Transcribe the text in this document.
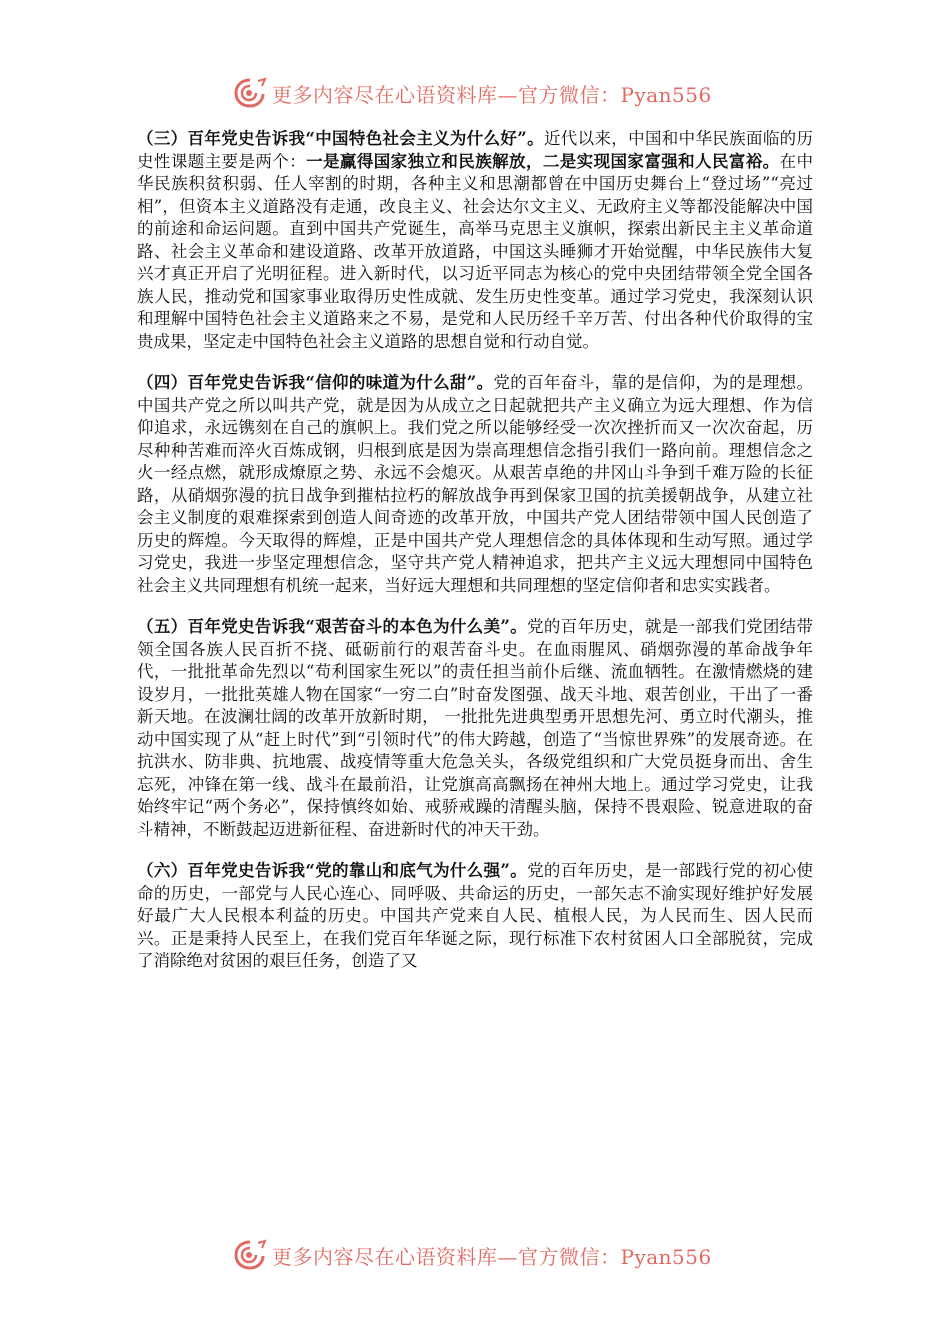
更多内容尽在心语资料库—官方微信：Pyan556

（三）百年党史告诉我“中国特色社会主义为什么好”。近代以来，中国和中华民族面临的历史性课题主要是两个：一是赢得国家独立和民族解放，二是实现国家富强和人民富裕。在中华民族积贫积弱、任人宰割的时期，各种主义和思潮都曾在中国历史舞台上“登过场”“亮过相”，但资本主义道路没有走通，改良主义、社会达尔文主义、无政府主义等都没能解决中国的前途和命运问题。直到中国共产党诞生，高举马克思主义旗帜，探索出新民主主义革命道路、社会主义革命和建设道路、改革开放道路，中国这头睡狮才开始觉醒，中华民族伟大复兴才真正开启了光明征程。进入新时代，以习近平同志为核心的党中央团结带领全党全国各族人民，推动党和国家事业取得历史性成就、发生历史性变革。通过学习党史，我深刻认识和理解中国特色社会主义道路来之不易，是党和人民历经千辛万苦、付出各种代价取得的宝贵成果，坚定走中国特色社会主义道路的思想自觉和行动自觉。

（四）百年党史告诉我“信仰的味道为什么甜”。党的百年奋斗，靠的是信仰，为的是理想。中国共产党之所以叫共产党，就是因为从成立之日起就把共产主义确立为远大理想、作为信仰追求，永远镌刻在自己的旗帜上。我们党之所以能够经受一次次挫折而又一次次奋起，历尽种种苦难而淬火百炼成钢，归根到底是因为崇高理想信念指引我们一路向前。理想信念之火一经点燃，就形成燎原之势、永远不会熄灭。从艰苦卓绝的井冈山斗争到千难万险的长征路，从硝烟弥漫的抗日战争到摧枯拉朽的解放战争再到保家卫国的抗美援朝战争，从建立社会主义制度的艰难探索到创造人间奇迹的改革开放，中国共产党人团结带领中国人民创造了历史的辉煌。今天取得的辉煌，正是中国共产党人理想信念的具体体现和生动写照。通过学习党史，我进一步坚定理想信念，坚守共产党人精神追求，把共产主义远大理想同中国特色社会主义共同理想有机统一起来，当好远大理想和共同理想的坚定信仰者和忠实实践者。

（五）百年党史告诉我“艰苦奋斗的本色为什么美”。党的百年历史，就是一部我们党团结带领全国各族人民百折不挠、砥砺前行的艰苦奋斗史。在血雨腥风、硝烟弥漫的革命战争年代，一批批革命先烈以“苟利国家生死以”的责任担当前仆后继、流血牺牲。在激情燃烧的建设岁月，一批批英雄人物在国家“一穷二白”时奋发图强、战天斗地、艰苦创业，干出了一番新天地。在波澜壮阔的改革开放新时期， 一批批先进典型勇开思想先河、勇立时代潮头，推动中国实现了从“赶上时代”到“引领时代”的伟大跨越，创造了“当惊世界殊”的发展奇迹。在抗洪水、防非典、抗地震、战疫情等重大危急关头，各级党组织和广大党员挺身而出、舍生忘死，冲锋在第一线、战斗在最前沿，让党旗高高飘扬在神州大地上。通过学习党史，让我始终牢记“两个务必”，保持慎终如始、戒骄戒躁的清醒头脑，保持不畏艰险、锐意进取的奋斗精神，不断鼓起迈进新征程、奋进新时代的冲天干劲。

（六）百年党史告诉我“党的靠山和底气为什么强”。党的百年历史，是一部践行党的初心使命的历史，一部党与人民心连心、同呼吸、共命运的历史，一部矢志不渝实现好维护好发展好最广大人民根本利益的历史。中国共产党来自人民、植根人民，为人民而生、因人民而兴。正是秉持人民至上，在我们党百年华诞之际，现行标准下农村贫困人口全部脱贫，完成了消除绝对贫困的艰巨任务，创造了又

更多内容尽在心语资料库—官方微信：Pyan556
